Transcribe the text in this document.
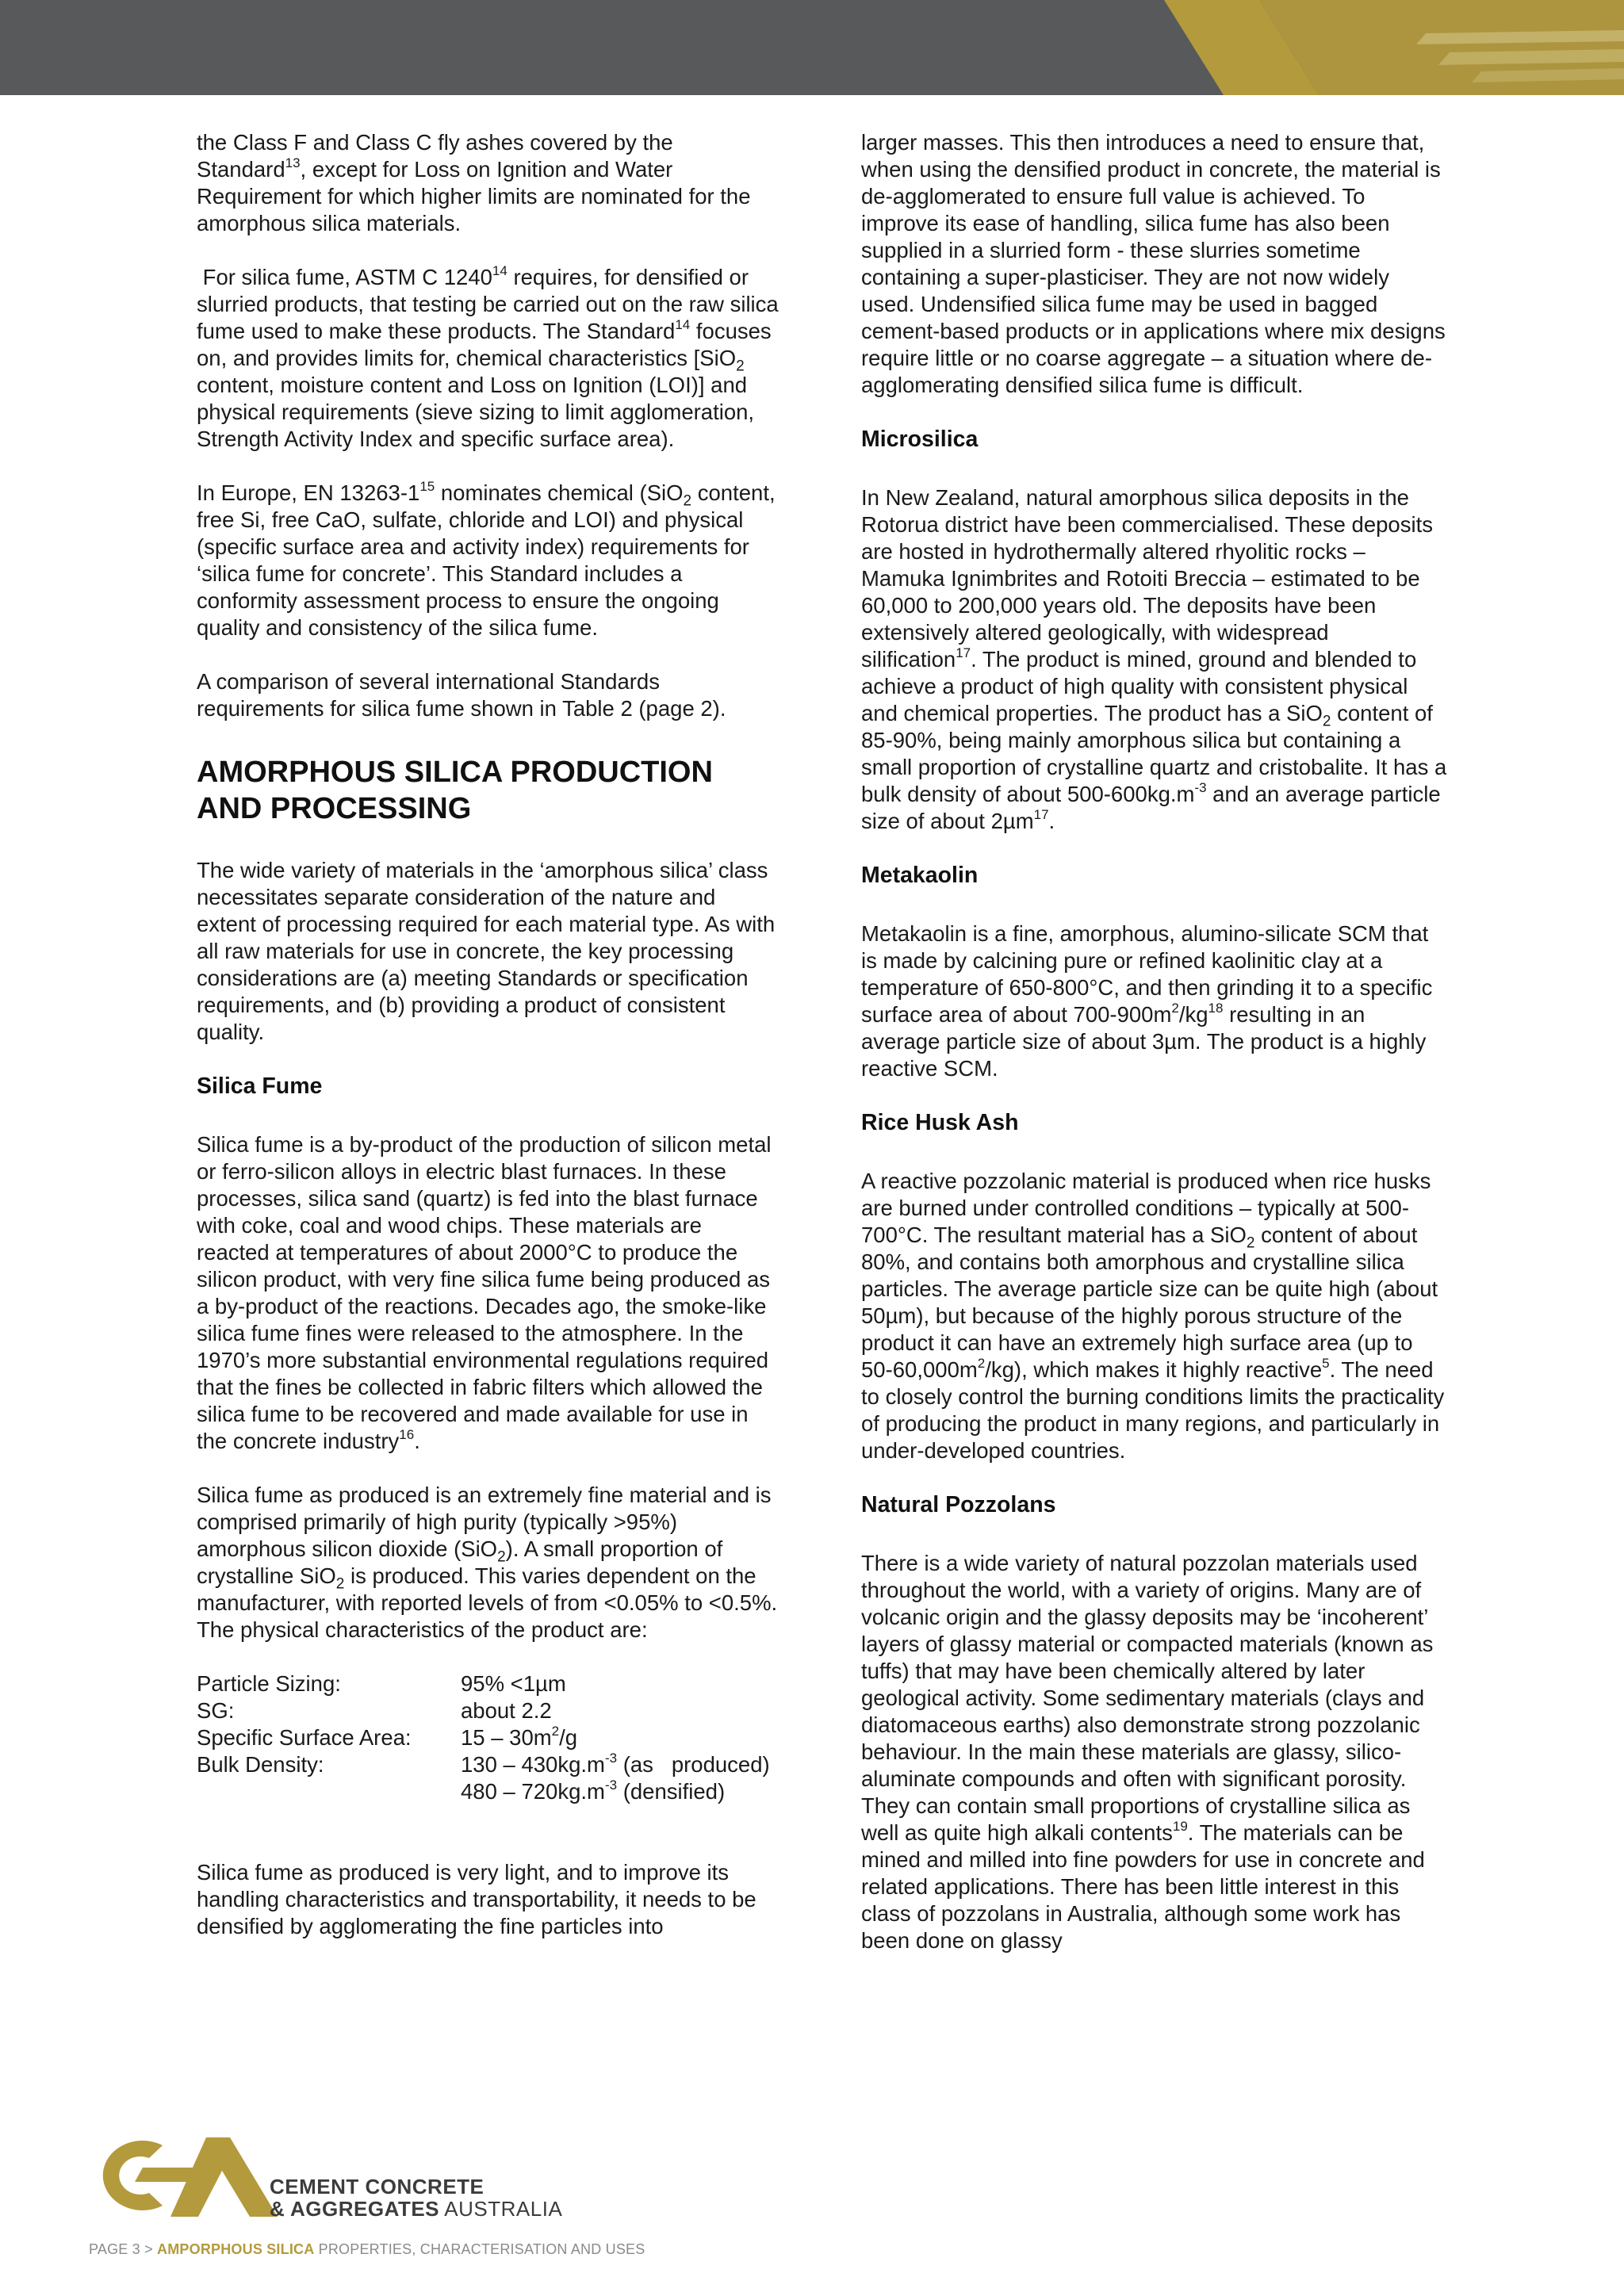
the Class F and Class C fly ashes covered by the Standard$^{13}$, except for Loss on Ignition and Water Requirement for which higher limits are nominated for the amorphous silica materials.

For silica fume, ASTM C 1240$^{14}$ requires, for densified or slurried products, that testing be carried out on the raw silica fume used to make these products. The Standard$^{14}$ focuses on, and provides limits for, chemical characteristics [SiO$_2$ content, moisture content and Loss on Ignition (LOI)] and physical requirements (sieve sizing to limit agglomeration, Strength Activity Index and specific surface area).

In Europe, EN $13263-1^{15}$ nominates chemical (SiO$_2$ content, free Si, free CaO, sulfate, chloride and LOI) and physical (specific surface area and activity index) requirements for ‘silica fume for concrete’. This Standard includes a conformity assessment process to ensure the ongoing quality and consistency of the silica fume.

A comparison of several international Standards requirements for silica fume shown in Table 2 (page 2).

AMORPHOUS SILICA PRODUCTION AND PROCESSING

The wide variety of materials in the ‘amorphous silica’ class necessitates separate consideration of the nature and extent of processing required for each material type. As with all raw materials for use in concrete, the key processing considerations are (a) meeting Standards or specification requirements, and (b) providing a product of consistent quality.

Silica Fume

Silica fume is a by-product of the production of silicon metal or ferro-silicon alloys in electric blast furnaces. In these processes, silica sand (quartz) is fed into the blast furnace with coke, coal and wood chips. These materials are reacted at temperatures of about 2000°C to produce the silicon product, with very fine silica fume being produced as a by-product of the reactions. Decades ago, the smoke-like silica fume fines were released to the atmosphere. In the 1970’s more substantial environmental regulations required that the fines be collected in fabric filters which allowed the silica fume to be recovered and made available for use in the concrete industry$^{16}$.

Silica fume as produced is an extremely fine material and is comprised primarily of high purity (typically >95%) amorphous silicon dioxide (SiO$_2$). A small proportion of crystalline SiO$_2$ is produced. This varies dependent on the manufacturer, with reported levels of from <0.05% to <0.5%. The physical characteristics of the product are:

Particle Sizing:	95% <1µm
SG:	about 2.2
Specific Surface Area:	$15 - 30m^2/g$
Bulk Density:	$130 - 430kg.m^{-3}$ (as   produced)
	$480 - 720kg.m^{-3}$ (densified)

Silica fume as produced is very light, and to improve its handling characteristics and transportability, it needs to be densified by agglomerating the fine particles into

larger masses. This then introduces a need to ensure that, when using the densified product in concrete, the material is de-agglomerated to ensure full value is achieved. To improve its ease of handling, silica fume has also been supplied in a slurried form - these slurries sometime containing a super-plasticiser. They are not now widely used. Undensified silica fume may be used in bagged cement-based products or in applications where mix designs require little or no coarse aggregate – a situation where de-agglomerating densified silica fume is difficult.

Microsilica

In New Zealand, natural amorphous silica deposits in the Rotorua district have been commercialised. These deposits are hosted in hydrothermally altered rhyolitic rocks – Mamuka Ignimbrites and Rotoiti Breccia – estimated to be 60,000 to 200,000 years old. The deposits have been extensively altered geologically, with widespread silification$^{17}$. The product is mined, ground and blended to achieve a product of high quality with consistent physical and chemical properties. The product has a SiO$_2$ content of 85-90%, being mainly amorphous silica but containing a small proportion of crystalline quartz and cristobalite. It has a bulk density of about $500-600kg.m^{-3}$ and an average particle size of about 2µm$^{17}$.

Metakaolin

Metakaolin is a fine, amorphous, alumino-silicate SCM that is made by calcining pure or refined kaolinitic clay at a temperature of 650-800°C, and then grinding it to a specific surface area of about $700-900m^2/kg^{18}$ resulting in an average particle size of about 3µm. The product is a highly reactive SCM.

Rice Husk Ash

A reactive pozzolanic material is produced when rice husks are burned under controlled conditions – typically at 500-700°C. The resultant material has a SiO$_2$ content of about 80%, and contains both amorphous and crystalline silica particles. The average particle size can be quite high (about 50µm), but because of the highly porous structure of the product it can have an extremely high surface area (up to $50-60,000m^2/kg$), which makes it highly reactive$^5$. The need to closely control the burning conditions limits the practicality of producing the product in many regions, and particularly in under-developed countries.

Natural Pozzolans

There is a wide variety of natural pozzolan materials used throughout the world, with a variety of origins. Many are of volcanic origin and the glassy deposits may be ‘incoherent’ layers of glassy material or compacted materials (known as tuffs) that may have been chemically altered by later geological activity. Some sedimentary materials (clays and diatomaceous earths) also demonstrate strong pozzolanic behaviour. In the main these materials are glassy, silico-aluminate compounds and often with significant porosity. They can contain small proportions of crystalline silica as well as quite high alkali contents$^{19}$. The materials can be mined and milled into fine powders for use in concrete and related applications. There has been little interest in this class of pozzolans in Australia, although some work has been done on glassy

CEMENT CONCRETE
& AGGREGATES AUSTRALIA
PAGE 3 > AMPORPHOUS SILICA PROPERTIES, CHARACTERISATION AND USES
